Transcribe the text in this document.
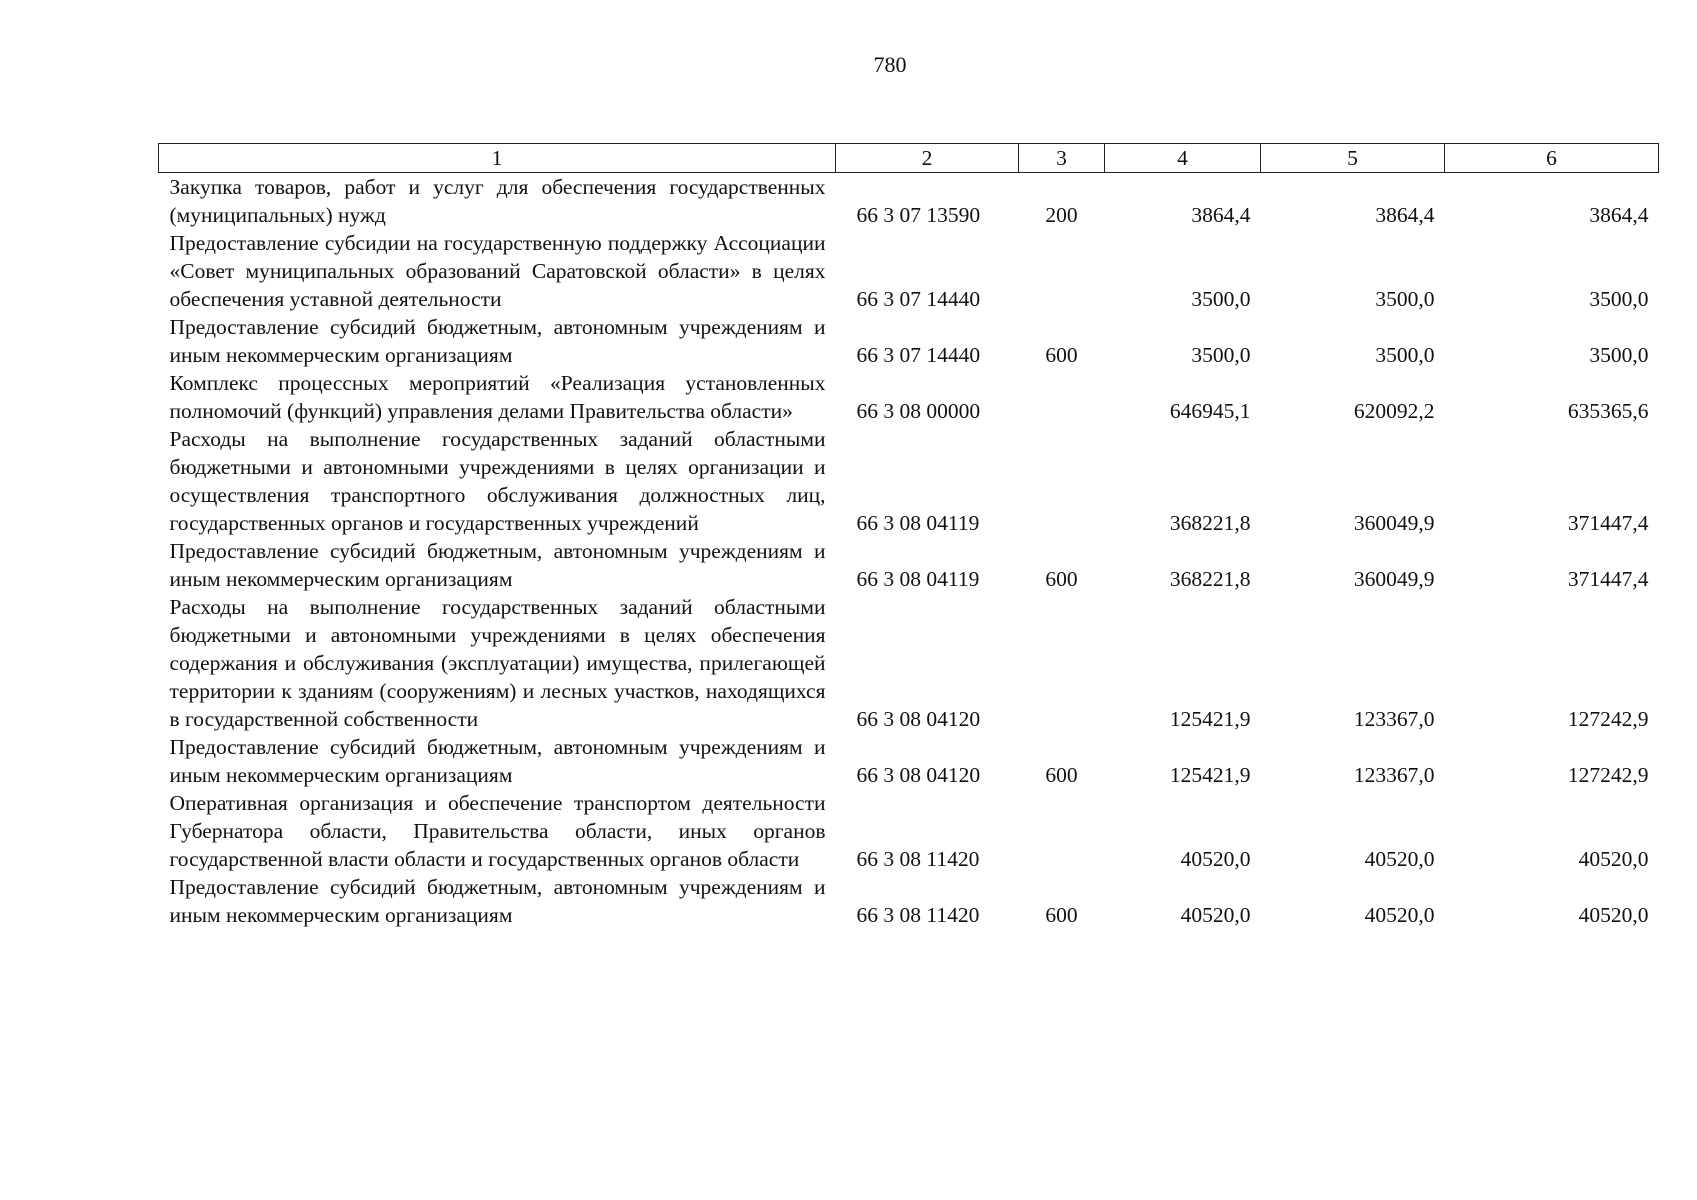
780
1	2	3	4	5	6
Закупка товаров, работ и услуг для обеспечения государственных (муниципальных) нужд	66 3 07 13590	200	3864,4	3864,4	3864,4
Предоставление субсидии на государственную поддержку Ассоциации «Совет муниципальных образований Саратовской области» в целях обеспечения уставной деятельности	66 3 07 14440		3500,0	3500,0	3500,0
Предоставление субсидий бюджетным, автономным учреждениям и иным некоммерческим организациям	66 3 07 14440	600	3500,0	3500,0	3500,0
Комплекс процессных мероприятий «Реализация установленных полномочий (функций) управления делами Правительства области»	66 3 08 00000		646945,1	620092,2	635365,6
Расходы на выполнение государственных заданий областными бюджетными и автономными учреждениями в целях организации и осуществления транспортного обслуживания должностных лиц, государственных органов и государственных учреждений	66 3 08 04119		368221,8	360049,9	371447,4
Предоставление субсидий бюджетным, автономным учреждениям и иным некоммерческим организациям	66 3 08 04119	600	368221,8	360049,9	371447,4
Расходы на выполнение государственных заданий областными бюджетными и автономными учреждениями в целях обеспечения содержания и обслуживания (эксплуатации) имущества, прилегающей территории к зданиям (сооружениям) и лесных участков, находящихся в государственной собственности	66 3 08 04120		125421,9	123367,0	127242,9
Предоставление субсидий бюджетным, автономным учреждениям и иным некоммерческим организациям	66 3 08 04120	600	125421,9	123367,0	127242,9
Оперативная организация и обеспечение транспортом деятельности Губернатора области, Правительства области, иных органов государственной власти области и государственных органов области	66 3 08 11420		40520,0	40520,0	40520,0
Предоставление субсидий бюджетным, автономным учреждениям и иным некоммерческим организациям	66 3 08 11420	600	40520,0	40520,0	40520,0
